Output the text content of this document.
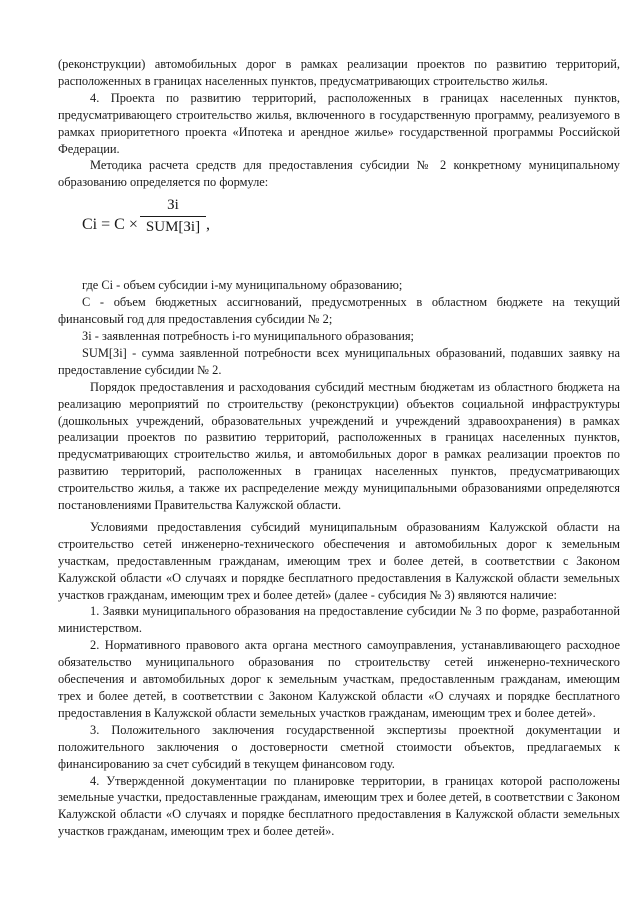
(реконструкции) автомобильных дорог в рамках реализации проектов по развитию территорий, расположенных в границах населенных пунктов, предусматривающих строительство жилья.

4. Проекта по развитию территорий, расположенных в границах населенных пунктов, предусматривающего строительство жилья, включенного в государственную программу, реализуемого в рамках приоритетного проекта «Ипотека и арендное жилье» государственной программы Российской Федерации.

Методика расчета средств для предоставления субсидии № 2 конкретному муниципальному образованию определяется по формуле:

Ci = C ×
Зi
SUM[Зi] ,

где Ci - объем субсидии i-му муниципальному образованию;

C - объем бюджетных ассигнований, предусмотренных в областном бюджете на текущий финансовый год для предоставления субсидии № 2;

Зi - заявленная потребность i-го муниципального образования;

SUM[Зi] - сумма заявленной потребности всех муниципальных образований, подавших заявку на предоставление субсидии № 2.

Порядок предоставления и расходования субсидий местным бюджетам из областного бюджета на реализацию мероприятий по строительству (реконструкции) объектов социальной инфраструктуры (дошкольных учреждений, образовательных учреждений и учреждений здравоохранения) в рамках реализации проектов по развитию территорий, расположенных в границах населенных пунктов, предусматривающих строительство жилья, и автомобильных дорог в рамках реализации проектов по развитию территорий, расположенных в границах населенных пунктов, предусматривающих строительство жилья, а также их распределение между муниципальными образованиями определяются постановлениями Правительства Калужской области.

Условиями предоставления субсидий муниципальным образованиям Калужской области на строительство сетей инженерно-технического обеспечения и автомобильных дорог к земельным участкам, предоставленным гражданам, имеющим трех и более детей, в соответствии с Законом Калужской области «О случаях и порядке бесплатного предоставления в Калужской области земельных участков гражданам, имеющим трех и более детей» (далее - субсидия № 3) являются наличие:

1. Заявки муниципального образования на предоставление субсидии № 3 по форме, разработанной министерством.

2. Нормативного правового акта органа местного самоуправления, устанавливающего расходное обязательство муниципального образования по строительству сетей инженерно-технического обеспечения и автомобильных дорог к земельным участкам, предоставленным гражданам, имеющим трех и более детей, в соответствии с Законом Калужской области «О случаях и порядке бесплатного предоставления в Калужской области земельных участков гражданам, имеющим трех и более детей».

3. Положительного заключения государственной экспертизы проектной документации и положительного заключения о достоверности сметной стоимости объектов, предлагаемых к финансированию за счет субсидий в текущем финансовом году.

4. Утвержденной документации по планировке территории, в границах которой расположены земельные участки, предоставленные гражданам, имеющим трех и более детей, в соответствии с Законом Калужской области «О случаях и порядке бесплатного предоставления в Калужской области земельных участков гражданам, имеющим трех и более детей».
